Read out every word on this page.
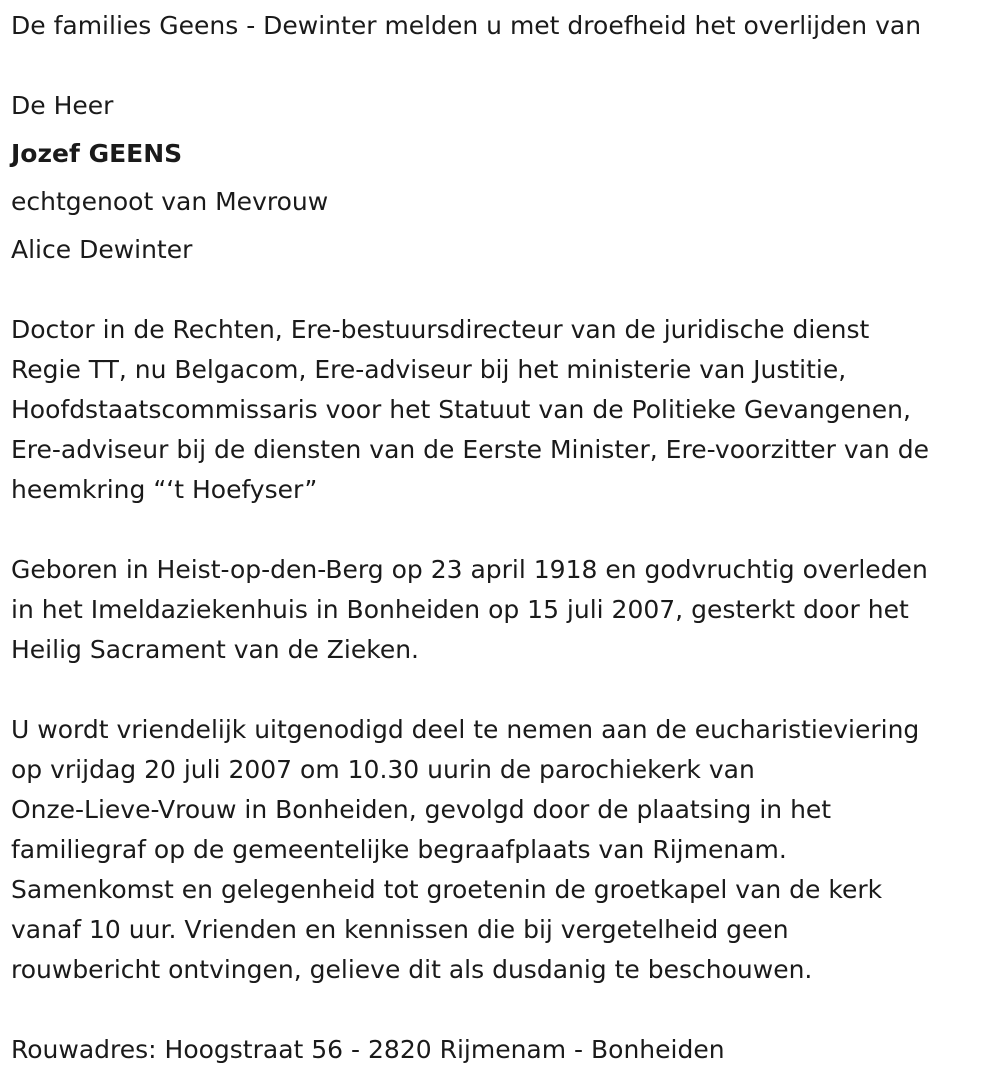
De families Geens - Dewinter melden u met droefheid het overlijden van
De Heer
Jozef GEENS
echtgenoot van Mevrouw
Alice Dewinter
Doctor in de Rechten, Ere-bestuursdirecteur van de juridische dienst
Regie TT, nu Belgacom, Ere-adviseur bij het ministerie van Justitie,
Hoofdstaatscommissaris voor het Statuut van de Politieke Gevangenen,
Ere-adviseur bij de diensten van de Eerste Minister, Ere-voorzitter van de
heemkring “‘t Hoefyser”
Geboren in Heist-op-den-Berg op 23 april 1918 en godvruchtig overleden
in het Imeldaziekenhuis in Bonheiden op 15 juli 2007, gesterkt door het
Heilig Sacrament van de Zieken.
U wordt vriendelijk uitgenodigd deel te nemen aan de eucharistieviering
op vrijdag 20 juli 2007 om 10.30 uurin de parochiekerk van
Onze-Lieve-Vrouw in Bonheiden, gevolgd door de plaatsing in het
familiegraf op de gemeentelijke begraafplaats van Rijmenam.
Samenkomst en gelegenheid tot groetenin de groetkapel van de kerk
vanaf 10 uur. Vrienden en kennissen die bij vergetelheid geen
rouwbericht ontvingen, gelieve dit als dusdanig te beschouwen.
Rouwadres: Hoogstraat 56 - 2820 Rijmenam - Bonheiden
